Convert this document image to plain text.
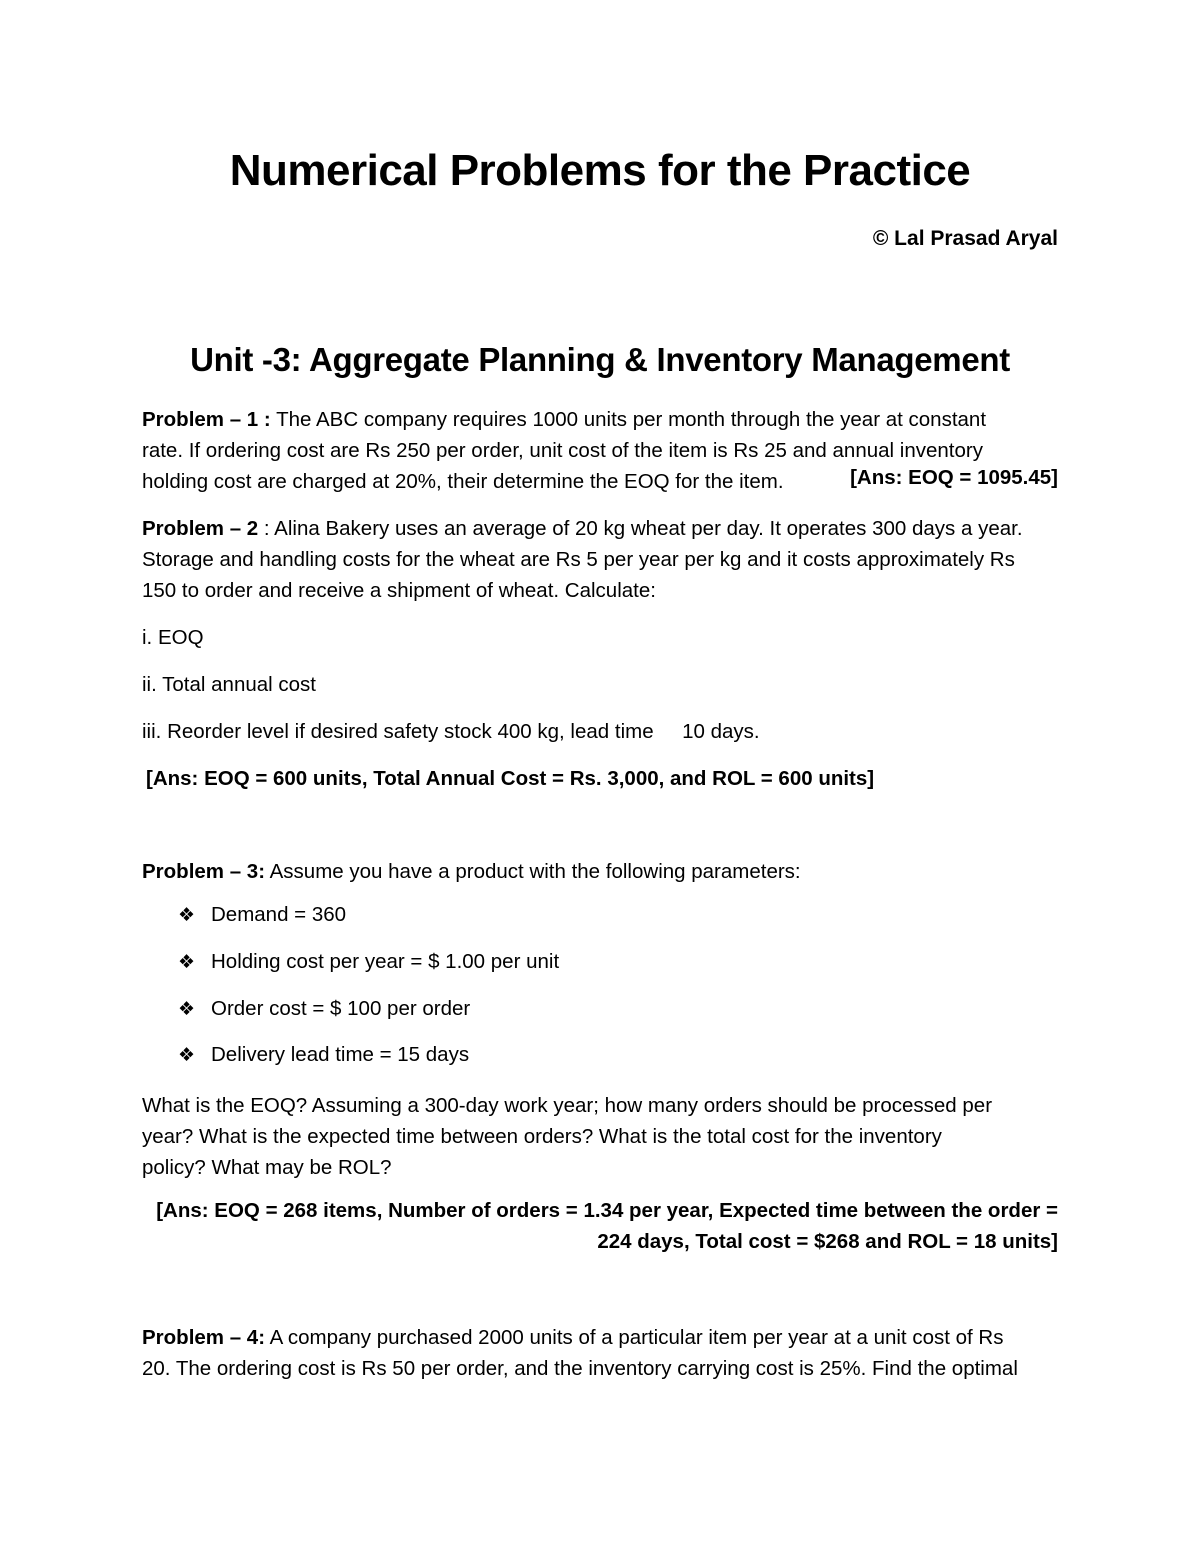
Numerical Problems for the Practice
© Lal Prasad Aryal
Unit -3: Aggregate Planning & Inventory Management
Problem – 1 : The ABC company requires 1000 units per month through the year at constant
rate. If ordering cost are Rs 250 per order, unit cost of the item is Rs 25 and annual inventory
holding cost are charged at 20%, their determine the EOQ for the item.	[Ans: EOQ = 1095.45]
Problem – 2 : Alina Bakery uses an average of 20 kg wheat per day. It operates 300 days a year.
Storage and handling costs for the wheat are Rs 5 per year per kg and it costs approximately Rs
150 to order and receive a shipment of wheat. Calculate:
i. EOQ
ii. Total annual cost
iii. Reorder level if desired safety stock 400 kg, lead time     10 days.
[Ans: EOQ = 600 units, Total Annual Cost = Rs. 3,000, and ROL = 600 units]
Problem – 3: Assume you have a product with the following parameters:
❖ Demand = 360
❖ Holding cost per year = $ 1.00 per unit
❖ Order cost = $ 100 per order
❖ Delivery lead time = 15 days
What is the EOQ? Assuming a 300-day work year; how many orders should be processed per
year? What is the expected time between orders? What is the total cost for the inventory
policy? What may be ROL?
[Ans: EOQ = 268 items, Number of orders = 1.34 per year, Expected time between the order =
224 days, Total cost = $268 and ROL = 18 units]
Problem – 4: A company purchased 2000 units of a particular item per year at a unit cost of Rs
20. The ordering cost is Rs 50 per order, and the inventory carrying cost is 25%. Find the optimal
